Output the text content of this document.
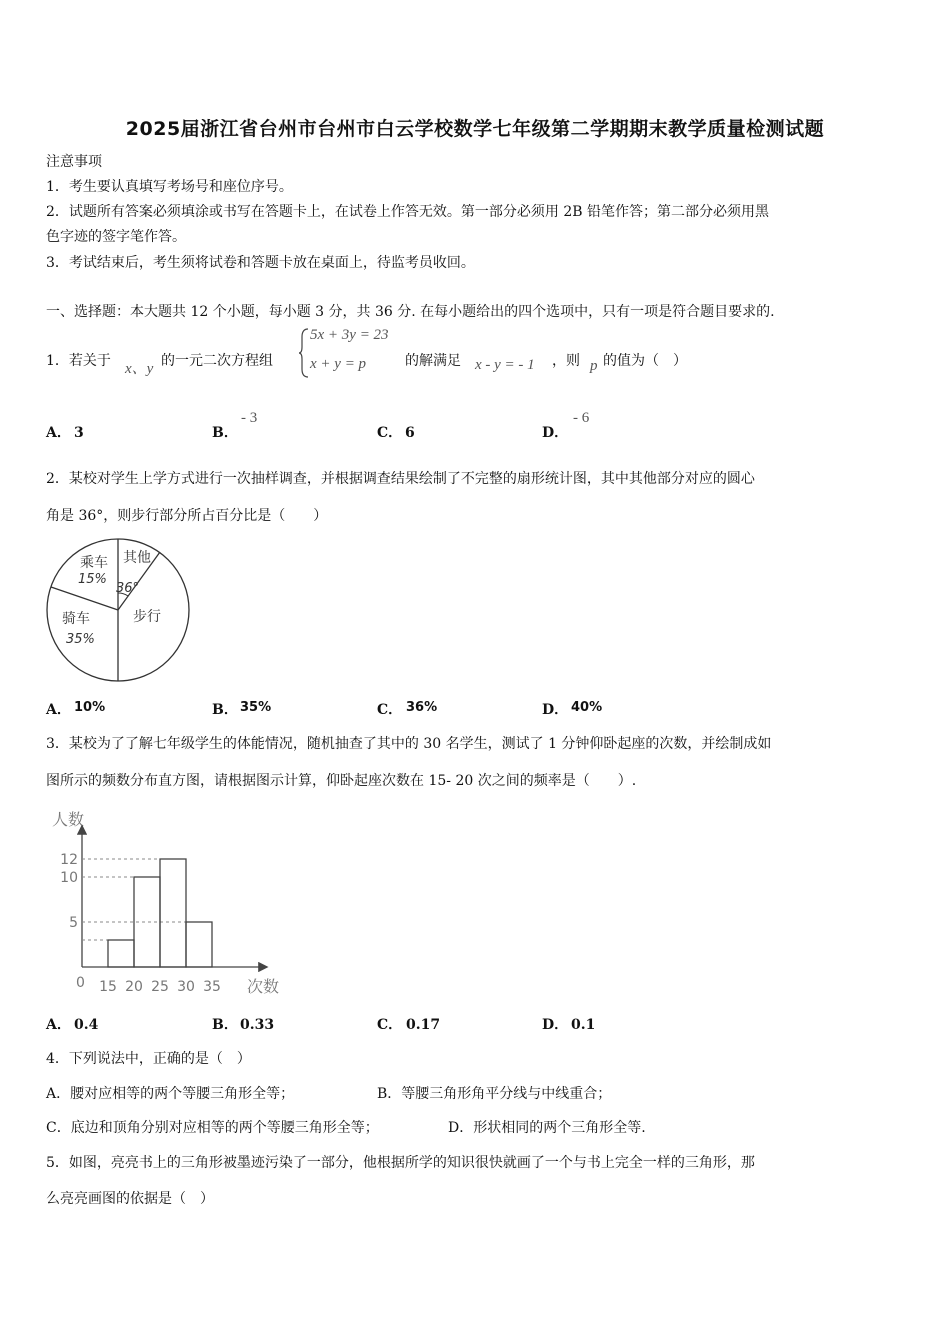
2025届浙江省台州市台州市白云学校数学七年级第二学期期末教学质量检测试题
注意事项
1．考生要认真填写考场号和座位序号。
2．试题所有答案必须填涂或书写在答题卡上，在试卷上作答无效。第一部分必须用 2B 铅笔作答；第二部分必须用黑
色字迹的签字笔作答。
3．考试结束后，考生须将试卷和答题卡放在桌面上，待监考员收回。
一、选择题：本大题共 12 个小题，每小题 3 分，共 36 分. 在每小题给出的四个选项中，只有一项是符合题目要求的.
1．若关于 x、y 的一元二次方程组
5x + 3y = 23
x + y = p	的解满足 x - y = - 1 ，则 p 的值为（　）
A． 3	B．
- 3
C． 6	D．
- 6
2．某校对学生上学方式进行一次抽样调查，并根据调查结果绘制了不完整的扇形统计图，其中其他部分对应的圆心
角是 36°，则步行部分所占百分比是（　　）
乘车
15%
其他
36°
步行
骑车
35%
A． 10%	B． 35%	C． 36%	D． 40%
3．某校为了了解七年级学生的体能情况，随机抽查了其中的 30 名学生，测试了 1 分钟仰卧起座的次数，并绘制成如
图所示的频数分布直方图，请根据图示计算，仰卧起座次数在 15- 20 次之间的频率是（　　）.
人数
次数
0
5
10
12
15 20 25 30 35
A． 0.4	B． 0.33	C． 0.17	D． 0.1
4．下列说法中，正确的是（　）
A．腰对应相等的两个等腰三角形全等；	B．等腰三角形角平分线与中线重合；
C．底边和顶角分别对应相等的两个等腰三角形全等；	D．形状相同的两个三角形全等.
5．如图，亮亮书上的三角形被墨迹污染了一部分，他根据所学的知识很快就画了一个与书上完全一样的三角形，那
么亮亮画图的依据是（　）
